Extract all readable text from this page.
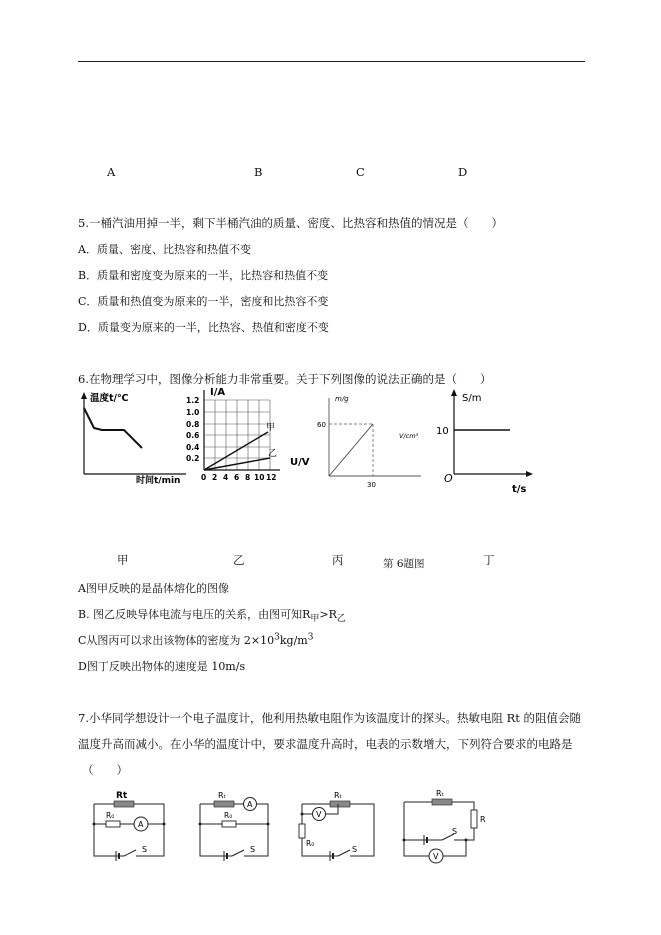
A	B	C	D
5.一桶汽油用掉一半，剩下半桶汽油的质量、密度、比热容和热值的情况是（　　）
A．质量、密度、比热容和热值不变
B．质量和密度变为原来的一半，比热容和热值不变
C．质量和热值变为原来的一半，密度和比热容不变
D．质量变为原来的一半，比热容、热值和密度不变
6.在物理学习中，图像分析能力非常重要。关于下列图像的说法正确的是（　　）
温度t/℃
时间t/min
I/A
1.2
1.0
0.8
0.6
0.4
0.2
0 2 4 6 8 10 12
甲
乙
U/V
m/g
60
30
V/cm³
S/m
10
O
t/s
甲	乙	丙	第 6题图	丁
A图甲反映的是晶体熔化的图像
B. 图乙反映导体电流与电压的关系，由图可知$R_甲>R_乙$
C从图丙可以求出该物体的密度为 $2\times 10^3kg/m^3$
D图丁反映出物体的速度是 10m/s
7.小华同学想设计一个电子温度计，他利用热敏电阻作为该温度计的探头。热敏电阻 Rt 的阻值会随
温度升高而减小。在小华的温度计中，要求温度升高时，电表的示数增大，下列符合要求的电路是
（　　）
Rt
R₀
A
S
Rₜ
A
R₀
S
Rₜ
R₀
V
S
Rₜ
R
S
V
